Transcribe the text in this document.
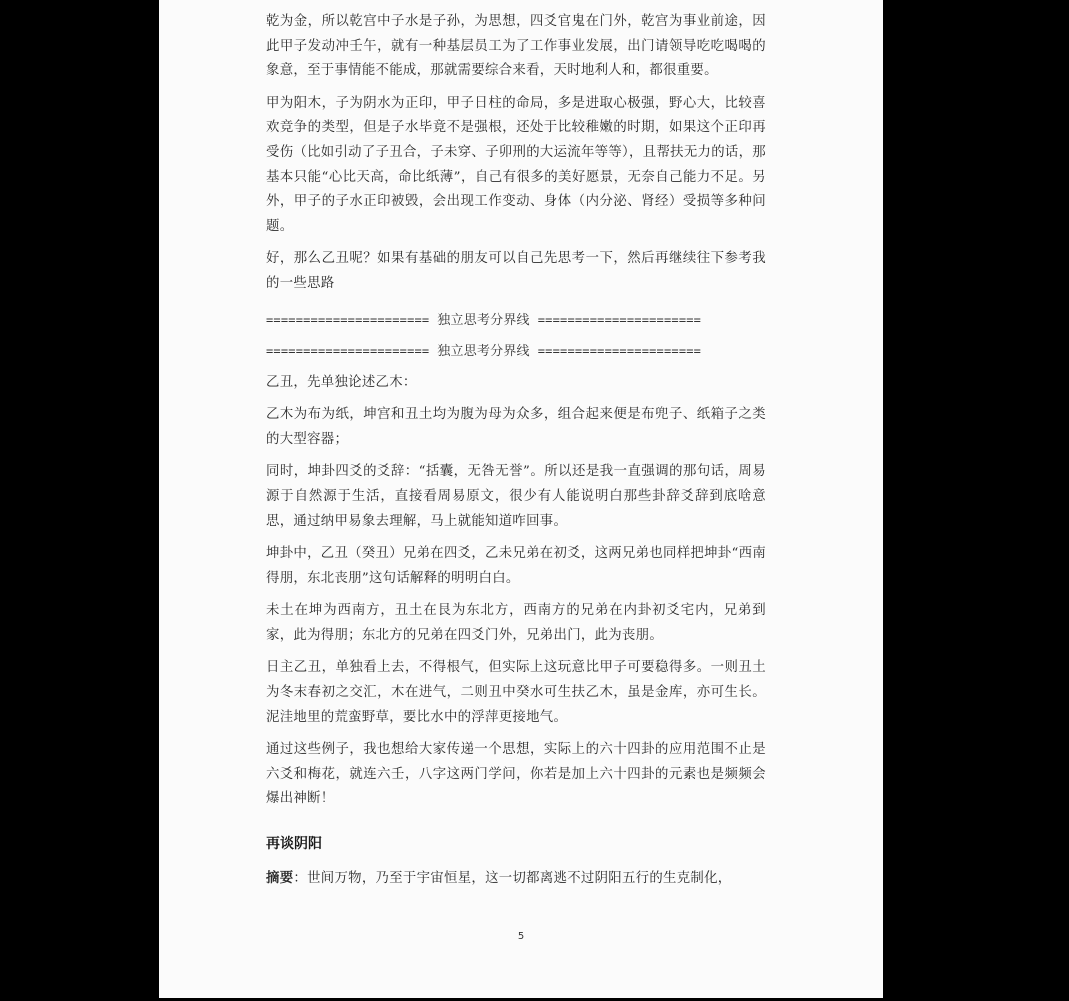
乾为金，所以乾宫中子水是子孙，为思想，四爻官鬼在门外，乾宫为事业前途，因此甲子发动冲壬午，就有一种基层员工为了工作事业发展，出门请领导吃吃喝喝的象意，至于事情能不能成，那就需要综合来看，天时地利人和，都很重要。

甲为阳木，子为阴水为正印，甲子日柱的命局，多是进取心极强，野心大，比较喜欢竞争的类型，但是子水毕竟不是强根，还处于比较稚嫩的时期，如果这个正印再受伤（比如引动了子丑合，子未穿、子卯刑的大运流年等等），且帮扶无力的话，那基本只能“心比天高，命比纸薄”，自己有很多的美好愿景，无奈自己能力不足。另外，甲子的子水正印被毁，会出现工作变动、身体（内分泌、肾经）受损等多种问题。

好，那么乙丑呢？如果有基础的朋友可以自己先思考一下，然后再继续往下参考我的一些思路

====================== 独立思考分界线 ======================
====================== 独立思考分界线 ======================

乙丑，先单独论述乙木：

乙木为布为纸，坤宫和丑土均为腹为母为众多，组合起来便是布兜子、纸箱子之类的大型容器；

同时，坤卦四爻的爻辞：“括囊，无咎无誉”。所以还是我一直强调的那句话，周易源于自然源于生活，直接看周易原文，很少有人能说明白那些卦辞爻辞到底啥意思，通过纳甲易象去理解，马上就能知道咋回事。

坤卦中，乙丑（癸丑）兄弟在四爻，乙未兄弟在初爻，这两兄弟也同样把坤卦“西南得朋，东北丧朋”这句话解释的明明白白。

未土在坤为西南方，丑土在艮为东北方，西南方的兄弟在内卦初爻宅内，兄弟到家，此为得朋；东北方的兄弟在四爻门外，兄弟出门，此为丧朋。

日主乙丑，单独看上去，不得根气，但实际上这玩意比甲子可要稳得多。一则丑土为冬末春初之交汇，木在进气，二则丑中癸水可生扶乙木，虽是金库，亦可生长。泥洼地里的荒蛮野草，要比水中的浮萍更接地气。

通过这些例子，我也想给大家传递一个思想，实际上的六十四卦的应用范围不止是六爻和梅花，就连六壬，八字这两门学问，你若是加上六十四卦的元素也是频频会爆出神断！

再谈阴阳

摘要：世间万物，乃至于宇宙恒星，这一切都离逃不过阴阳五行的生克制化，

5
